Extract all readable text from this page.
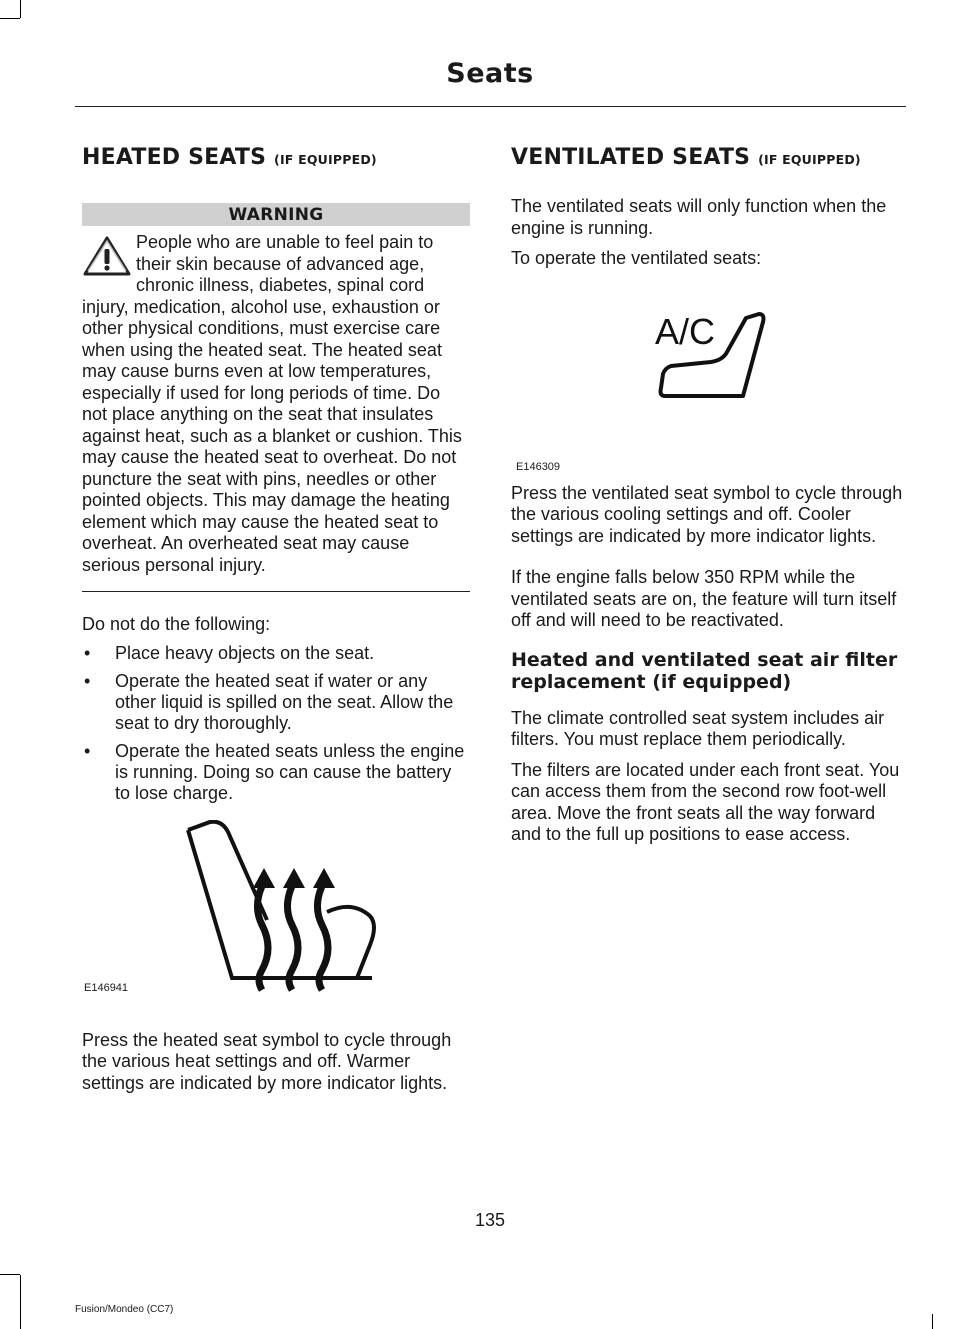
Seats
HEATED SEATS (IF EQUIPPED)
WARNING

People who are unable to feel pain to their skin because of advanced age, chronic illness, diabetes, spinal cord injury, medication, alcohol use, exhaustion or other physical conditions, must exercise care when using the heated seat. The heated seat may cause burns even at low temperatures, especially if used for long periods of time. Do not place anything on the seat that insulates against heat, such as a blanket or cushion. This may cause the heated seat to overheat. Do not puncture the seat with pins, needles or other pointed objects. This may damage the heating element which may cause the heated seat to overheat. An overheated seat may cause serious personal injury.

Do not do the following:

• Place heavy objects on the seat.
• Operate the heated seat if water or any other liquid is spilled on the seat. Allow the seat to dry thoroughly.
• Operate the heated seats unless the engine is running. Doing so can cause the battery to lose charge.
E146941

Press the heated seat symbol to cycle through the various heat settings and off. Warmer settings are indicated by more indicator lights.

VENTILATED SEATS (IF EQUIPPED)

The ventilated seats will only function when the engine is running.

To operate the ventilated seats:

A/C
E146309

Press the ventilated seat symbol to cycle through the various cooling settings and off. Cooler settings are indicated by more indicator lights.

If the engine falls below 350 RPM while the ventilated seats are on, the feature will turn itself off and will need to be reactivated.

Heated and ventilated seat air filter replacement (if equipped)

The climate controlled seat system includes air filters. You must replace them periodically.

The filters are located under each front seat. You can access them from the second row foot-well area. Move the front seats all the way forward and to the full up positions to ease access.

135
Fusion/Mondeo (CC7)
